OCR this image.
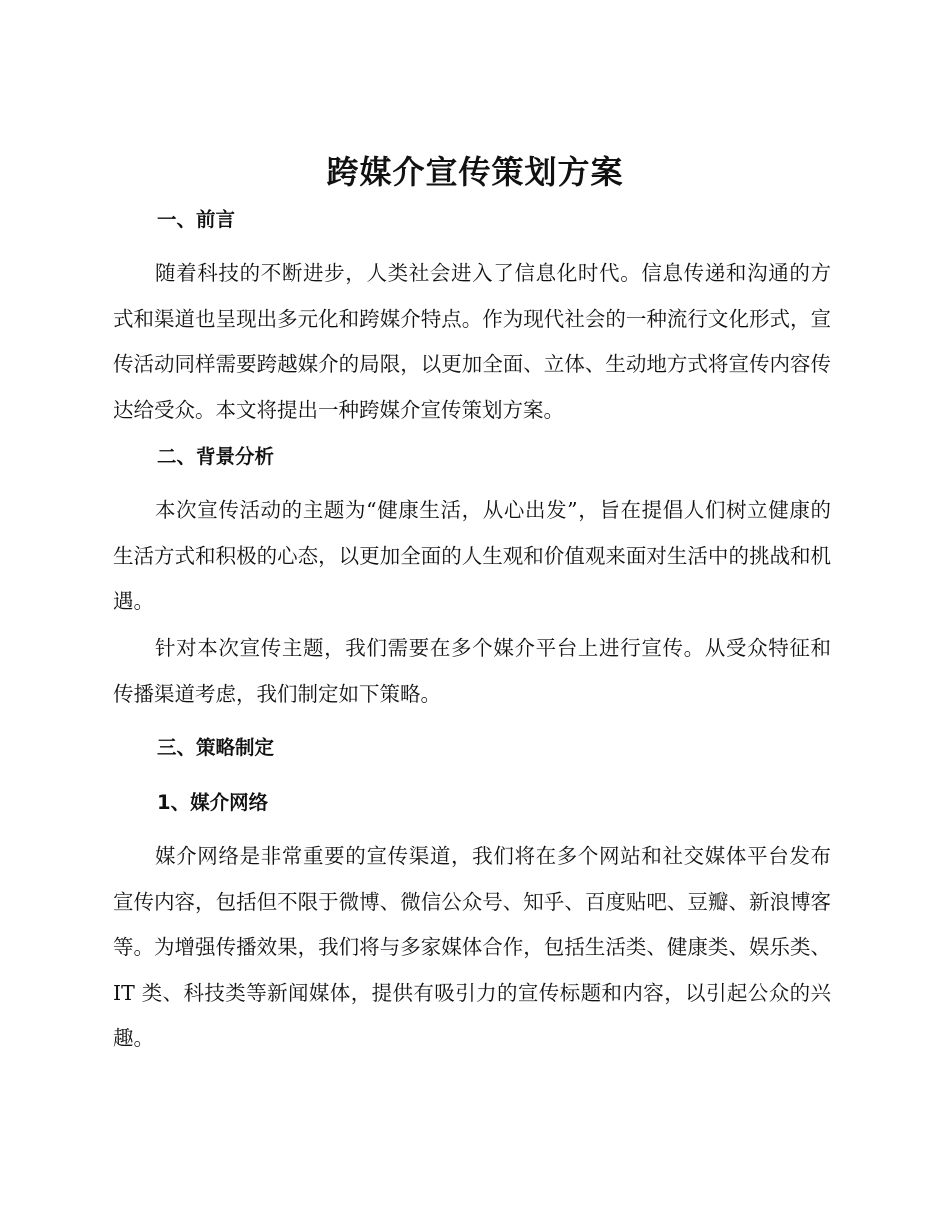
跨媒介宣传策划方案
一、前言

随着科技的不断进步，人类社会进入了信息化时代。信息传递和沟通的方式和渠道也呈现出多元化和跨媒介特点。作为现代社会的一种流行文化形式，宣传活动同样需要跨越媒介的局限，以更加全面、立体、生动地方式将宣传内容传达给受众。本文将提出一种跨媒介宣传策划方案。

二、背景分析

本次宣传活动的主题为“健康生活，从心出发”，旨在提倡人们树立健康的生活方式和积极的心态，以更加全面的人生观和价值观来面对生活中的挑战和机遇。

针对本次宣传主题，我们需要在多个媒介平台上进行宣传。从受众特征和传播渠道考虑，我们制定如下策略。

三、策略制定
1、媒介网络

媒介网络是非常重要的宣传渠道，我们将在多个网站和社交媒体平台发布宣传内容，包括但不限于微博、微信公众号、知乎、百度贴吧、豆瓣、新浪博客等。为增强传播效果，我们将与多家媒体合作，包括生活类、健康类、娱乐类、IT 类、科技类等新闻媒体，提供有吸引力的宣传标题和内容，以引起公众的兴趣。
